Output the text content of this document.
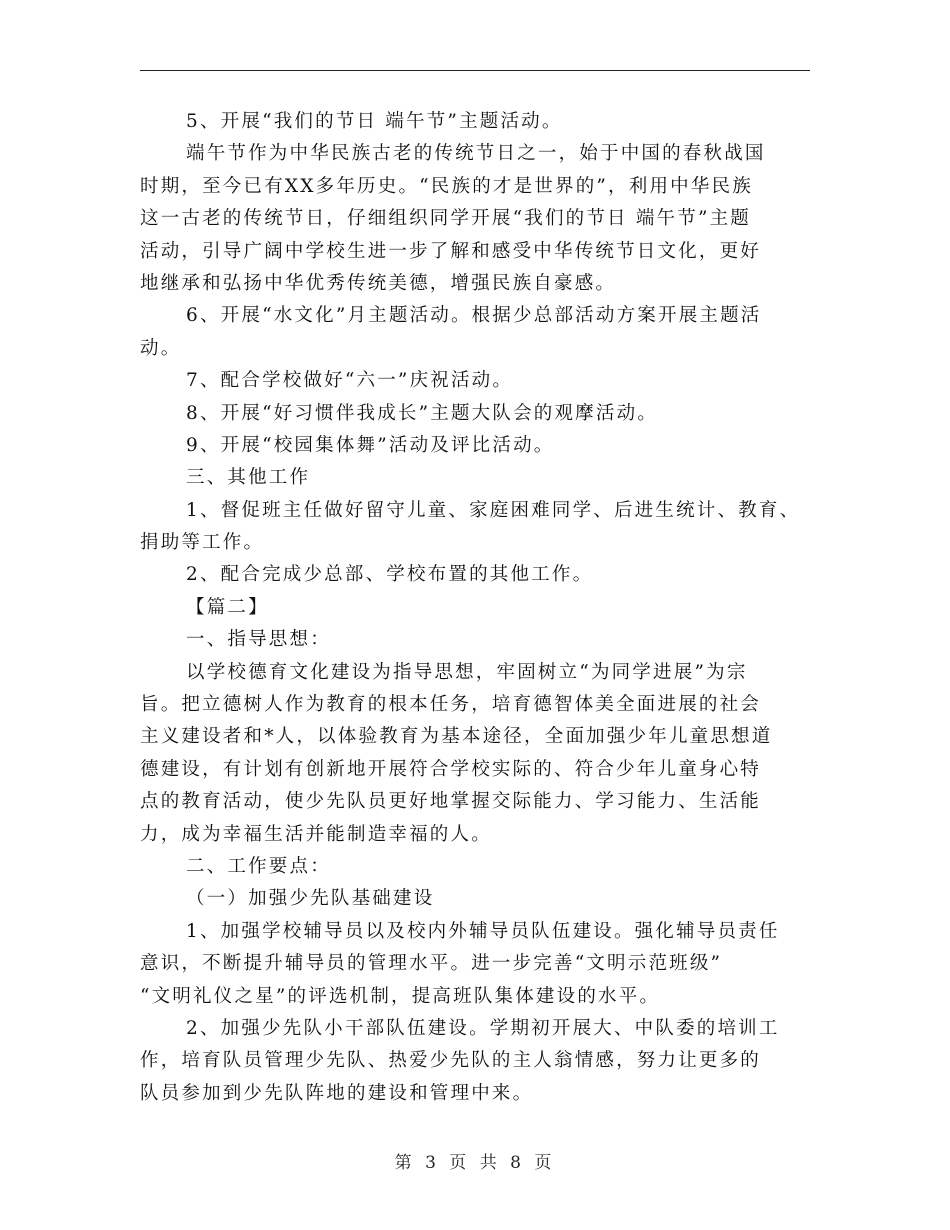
5、开展“我们的节日 端午节”主题活动。
端午节作为中华民族古老的传统节日之一，始于中国的春秋战国
时期，至今已有XX多年历史。“民族的才是世界的”，利用中华民族
这一古老的传统节日，仔细组织同学开展“我们的节日 端午节”主题
活动，引导广阔中学校生进一步了解和感受中华传统节日文化，更好
地继承和弘扬中华优秀传统美德，增强民族自豪感。
6、开展“水文化”月主题活动。根据少总部活动方案开展主题活
动。
7、配合学校做好“六一”庆祝活动。
8、开展“好习惯伴我成长”主题大队会的观摩活动。
9、开展“校园集体舞”活动及评比活动。
三、其他工作
1、督促班主任做好留守儿童、家庭困难同学、后进生统计、教育、
捐助等工作。
2、配合完成少总部、学校布置的其他工作。
【篇二】
一、指导思想：
以学校德育文化建设为指导思想，牢固树立“为同学进展”为宗
旨。把立德树人作为教育的根本任务，培育德智体美全面进展的社会
主义建设者和*人，以体验教育为基本途径，全面加强少年儿童思想道
德建设，有计划有创新地开展符合学校实际的、符合少年儿童身心特
点的教育活动，使少先队员更好地掌握交际能力、学习能力、生活能
力，成为幸福生活并能制造幸福的人。
二、工作要点：
（一）加强少先队基础建设
1、加强学校辅导员以及校内外辅导员队伍建设。强化辅导员责任
意识，不断提升辅导员的管理水平。进一步完善“文明示范班级”
“文明礼仪之星”的评选机制，提高班队集体建设的水平。
2、加强少先队小干部队伍建设。学期初开展大、中队委的培训工
作，培育队员管理少先队、热爱少先队的主人翁情感，努力让更多的
队员参加到少先队阵地的建设和管理中来。
第 3 页 共 8 页
